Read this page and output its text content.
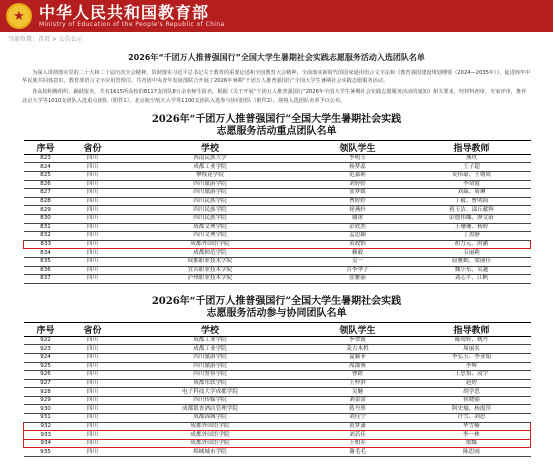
★ 中华人民共和国教育部
Ministry of Education of the People's Republic of China
当前位置：首页 > 公告公示
2026年“千团万人推普强国行”全国大学生暑期社会实践志愿服务活动入选团队名单
为深入贯彻落实党的二十大和二十届历次全会精神，贯彻落实习近平总书记关于教育的重要论述和全国教育大会精神，全面落实新时代的国家通用语言文字法和《教育强国建设规划纲要（2024—2035年）》，促进铸牢中华民族共同体意识，教育部语言文字应用管理司、共青团中央青年发展部联合开展了2026年暑期“千团万人推普强国行”全国大学生暑期社会实践志愿服务活动。
各高校积极组织，踊跃报名，共有1615所高校的8117支团队8万余名师生报名。根据《关于开展“千团万人推普强国行”2026年全国大学生暑期社会实践志愿服务活动的通知》相关要求，经材料初审、专家评审，推荐北京大学等1010支团队入选重点团队（附件1），北京航空航天大学等1100支团队入选参与协同团队（附件2），现将入选团队名单予以公布。
2026年“千团万人推普强国行”全国大学生暑期社会实践
志愿服务活动重点团队名单
序号	省份	学校	领队学生	指导教师
823	四川	西南民族大学	李明玉	燕玫
824	四川	成都工业学院	杨梦蕊	王子超
825	四川	攀枝花学院	范嘉莉	莫伟豪、王朝成
826	四川	四川旅游学院	刘婷婷	李靖霞
827	四川	四川旅游学院	张梦媛	刘焱、周琳
828	四川	四川民族学院	曹婷婷	丁毅、曹明海
829	四川	四川民族学院	徐燕轩	蒋玉洁、邵丘献辉
830	四川	四川民族学院	谢冰	彭德伟娜、廖文蔚
831	四川	成都文理学院	彭欣然	王珊珊、杨婷
832	四川	四川文理学院	孟思颖	丁盈静
833	四川	成都外国语学院	黄政怡	胡力元、唐涵
834	四川	成都师范学院	赖毅	韦丽莉
835	四川	成都职业技术学院	吴一	屈雅勤、梁丽佳
836	四川	宜宾职业技术学院	吉李伞子	魏小东、吴越
837	四川	泸州职业技术学院	张雅丽	刘芯芊、江帆
2026年“千团万人推普强国行”全国大学生暑期社会实践
志愿服务活动参与协同团队名单
序号	省份	学校	领队学生	指导教师
922	四川	成都工业学院	李翠霞	陈靖婷、姚丹
923	四川	成都工业学院	麦吉木机	周丽名
924	四川	四川旅游学院	夏颖菲	李弘玉、李亚娟
925	四川	四川旅游学院	席郡睿	李辉
926	四川	四川警察学院	曹蹉	王思怡、凌宇
927	四川	成都东软学院	王梓淇	赵婷
928	四川	电子科技大学成都学院	吴魅	胡学思
929	四川	四川传媒学院	刘蕾蕾	侯晓丽
930	四川	成都银杏酒店管理学院	蒋丹彤	阿史瑜、杨霞萍
931	四川	成都锦城学院	刘佳宁	许雪、刘思
932	四川	成都外国语学院	黄梦潇	华雪楠
933	四川	成都外国语学院	刘若佳	李一林
934	四川	成都外国语学院	王柏乔	梁娜
935	四川	绵城城市学院	谢毛毛	陈思雨
